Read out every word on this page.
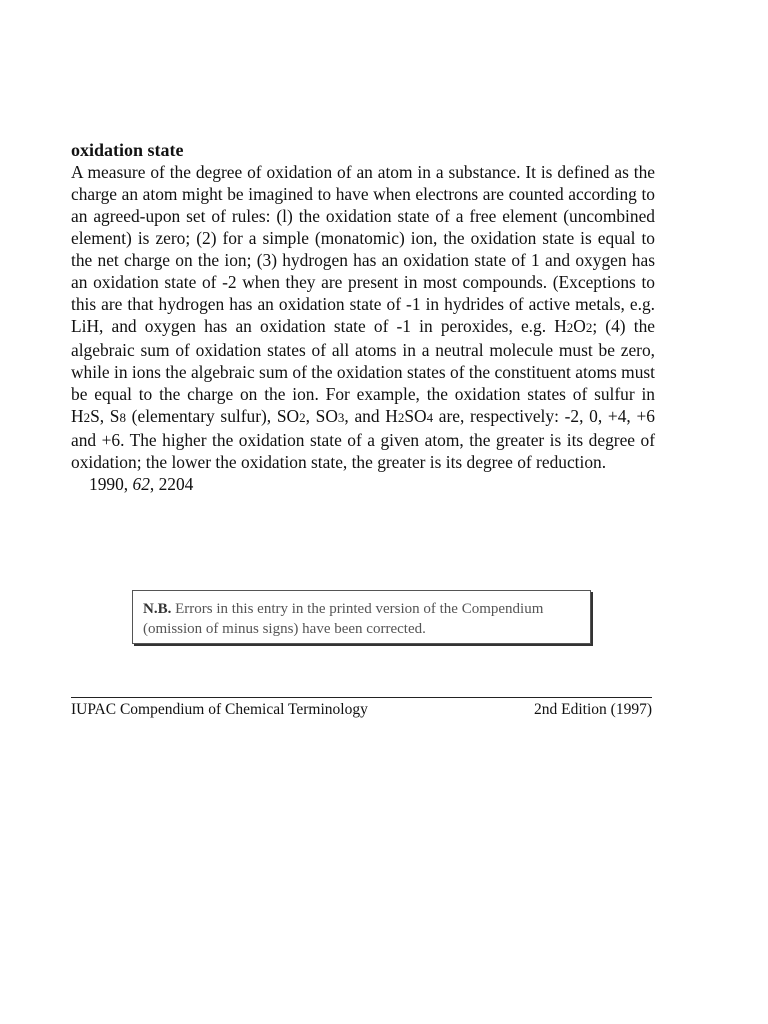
oxidation state

A measure of the degree of oxidation of an atom in a substance. It is defined as the charge an atom might be imagined to have when electrons are counted according to an agreed-upon set of rules: (l) the oxidation state of a free element (uncombined element) is zero; (2) for a simple (monatomic) ion, the oxidation state is equal to the net charge on the ion; (3) hydrogen has an oxidation state of 1 and oxygen has an oxidation state of -2 when they are present in most compounds. (Exceptions to this are that hydrogen has an oxidation state of -1 in hydrides of active metals, e.g. LiH, and oxygen has an oxidation state of -1 in peroxides, e.g. H2O2; (4) the algebraic sum of oxidation states of all atoms in a neutral molecule must be zero, while in ions the algebraic sum of the oxidation states of the constituent atoms must be equal to the charge on the ion. For example, the oxidation states of sulfur in H2S, S8 (elementary sulfur), SO2, SO3, and H2SO4 are, respectively: -2, 0, +4, +6 and +6. The higher the oxidation state of a given atom, the greater is its degree of oxidation; the lower the oxidation state, the greater is its degree of reduction.

1990, 62, 2204

N.B. Errors in this entry in the printed version of the Compendium (omission of minus signs) have been corrected.
IUPAC Compendium of Chemical Terminology	2nd Edition (1997)
